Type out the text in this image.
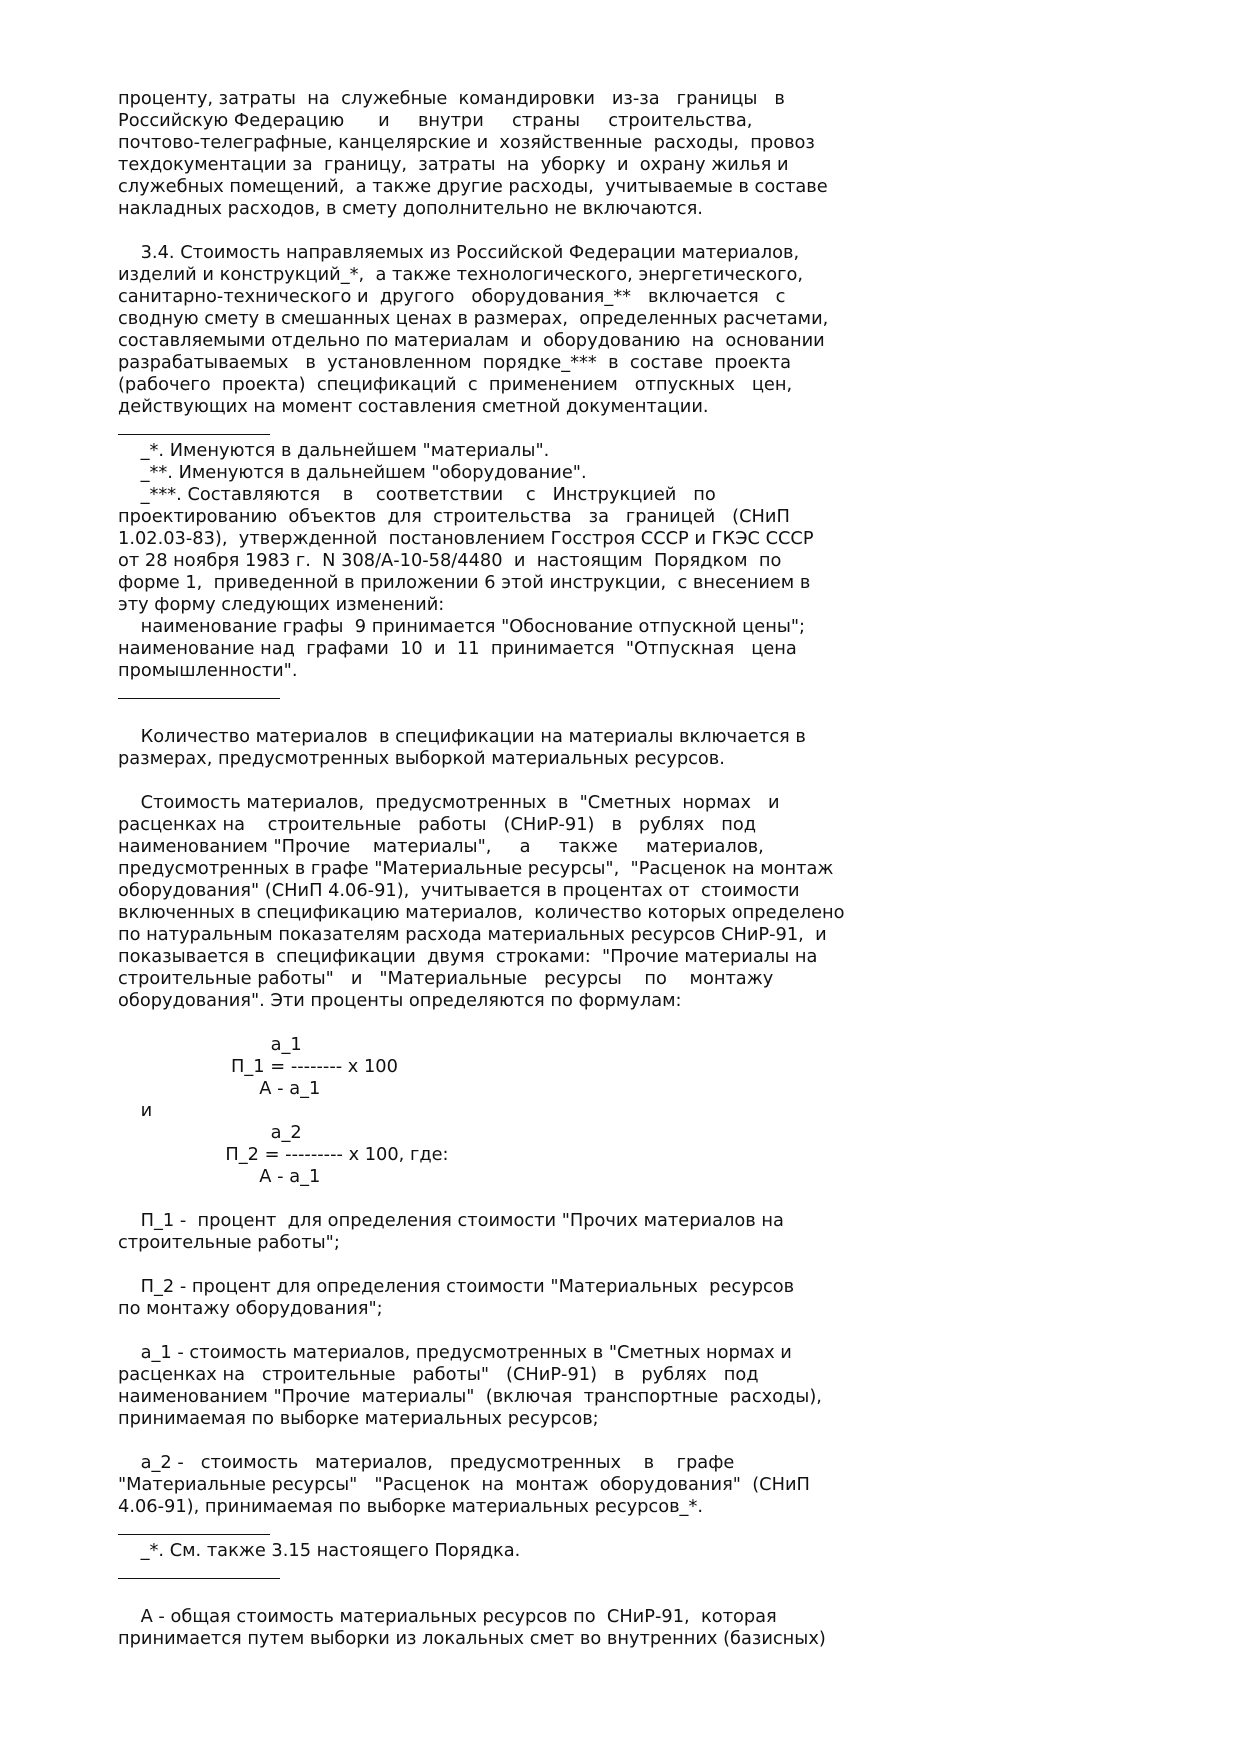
проценту, затраты  на  служебные  командировки   из-за   границы   в
Российскую Федерацию      и     внутри     страны     строительства,
почтово-телеграфные, канцелярские и  хозяйственные  расходы,  провоз
техдокументации за  границу,  затраты  на  уборку  и  охрану жилья и
служебных помещений,  а также другие расходы,  учитываемые в составе
накладных расходов, в смету дополнительно не включаются.
3.4. Стоимость направляемых из Российской Федерации материалов,
изделий и конструкций_*,  а также технологического, энергетического,
санитарно-технического и  другого   оборудования_**   включается   с
сводную смету в смешанных ценах в размерах,  определенных расчетами,
составляемыми отдельно по материалам  и  оборудованию  на  основании
разрабатываемых   в  установленном  порядке_***  в  составе  проекта
(рабочего  проекта)  спецификаций  с  применением   отпускных   цен,
действующих на момент составления сметной документации.
_*. Именуются в дальнейшем "материалы".
_**. Именуются в дальнейшем "оборудование".
_***. Составляются    в    соответствии    с   Инструкцией   по
проектированию  объектов  для  строительства   за   границей   (СНиП
1.02.03-83),  утвержденной  постановлением Госстроя СССР и ГКЭС СССР
от 28 ноября 1983 г.  N 308/А-10-58/4480  и  настоящим  Порядком  по
форме 1,  приведенной в приложении 6 этой инструкции,  с внесением в
эту форму следующих изменений:
наименование графы  9 принимается "Обоснование отпускной цены";
наименование над  графами  10  и  11  принимается  "Отпускная   цена
промышленности".
Количество материалов  в спецификации на материалы включается в
размерах, предусмотренных выборкой материальных ресурсов.
Стоимость материалов,  предусмотренных  в  "Сметных  нормах   и
расценках на    строительные   работы   (СНиР-91)   в   рублях   под
наименованием "Прочие    материалы",     а     также     материалов,
предусмотренных в графе "Материальные ресурсы",  "Расценок на монтаж
оборудования" (СНиП 4.06-91),  учитывается в процентах от  стоимости
включенных в спецификацию материалов,  количество которых определено
по натуральным показателям расхода материальных ресурсов СНиР-91,  и
показывается в  спецификации  двумя  строками:  "Прочие материалы на
строительные работы"   и   "Материальные   ресурсы    по    монтажу
оборудования". Эти проценты определяются по формулам:
а_1
П_1 = -------- х 100
А - а_1
и
а_2
П_2 = --------- х 100, где:
А - а_1
П_1 -  процент  для определения стоимости "Прочих материалов на
строительные работы";
П_2 - процент для определения стоимости "Материальных  ресурсов
по монтажу оборудования";
а_1 - стоимость материалов, предусмотренных в "Сметных нормах и
расценках на   строительные   работы"   (СНиР-91)   в   рублях   под
наименованием "Прочие  материалы"  (включая  транспортные  расходы),
принимаемая по выборке материальных ресурсов;
а_2 -   стоимость   материалов,   предусмотренных    в    графе
"Материальные ресурсы"   "Расценок  на  монтаж  оборудования"  (СНиП
4.06-91), принимаемая по выборке материальных ресурсов_*.
_*. См. также 3.15 настоящего Порядка.
А - общая стоимость материальных ресурсов по  СНиР-91,  которая
принимается путем выборки из локальных смет во внутренних (базисных)
